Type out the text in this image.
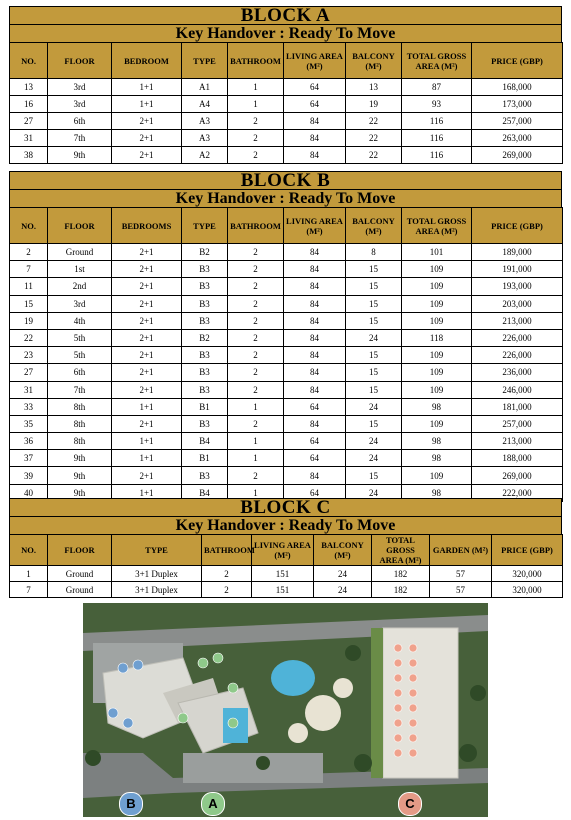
BLOCK A
Key Handover : Ready To Move
NO.	FLOOR	BEDROOM	TYPE	BATHROOM	LIVING AREA (M²)	BALCONY (M²)	TOTAL GROSS AREA (M²)	PRICE (GBP)
13	3rd	1+1	A1	1	64	13	87	168,000
16	3rd	1+1	A4	1	64	19	93	173,000
27	6th	2+1	A3	2	84	22	116	257,000
31	7th	2+1	A3	2	84	22	116	263,000
38	9th	2+1	A2	2	84	22	116	269,000
BLOCK B
Key Handover : Ready To Move
NO.	FLOOR	BEDROOMS	TYPE	BATHROOM	LIVING AREA (M²)	BALCONY (M²)	TOTAL GROSS AREA (M²)	PRICE (GBP)
2	Ground	2+1	B2	2	84	8	101	189,000
7	1st	2+1	B3	2	84	15	109	191,000
11	2nd	2+1	B3	2	84	15	109	193,000
15	3rd	2+1	B3	2	84	15	109	203,000
19	4th	2+1	B3	2	84	15	109	213,000
22	5th	2+1	B2	2	84	24	118	226,000
23	5th	2+1	B3	2	84	15	109	226,000
27	6th	2+1	B3	2	84	15	109	236,000
31	7th	2+1	B3	2	84	15	109	246,000
33	8th	1+1	B1	1	64	24	98	181,000
35	8th	2+1	B3	2	84	15	109	257,000
36	8th	1+1	B4	1	64	24	98	213,000
37	9th	1+1	B1	1	64	24	98	188,000
39	9th	2+1	B3	2	84	15	109	269,000
40	9th	1+1	B4	1	64	24	98	222,000
BLOCK C
Key Handover : Ready To Move
NO.	FLOOR	TYPE	BATHROOM	LIVING AREA (M²)	BALCONY (M²)	TOTAL GROSS AREA (M²)	GARDEN (M²)	PRICE (GBP)
1	Ground	3+1 Duplex	2	151	24	182	57	320,000
7	Ground	3+1 Duplex	2	151	24	182	57	320,000
B	A	C
